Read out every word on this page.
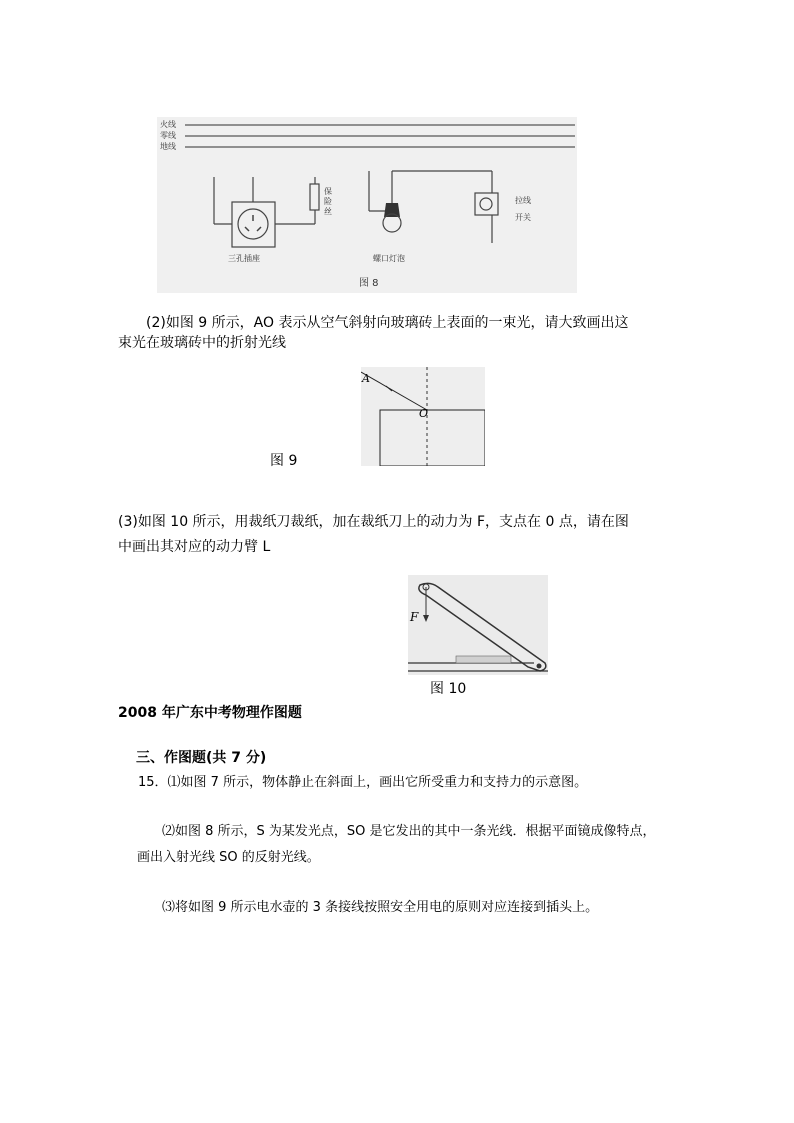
火线
零线
地线
三孔插座
保险丝
螺口灯泡
拉线
开关
图 8
(2)如图 9 所示，AO 表示从空气斜射向玻璃砖上表面的一束光，请大致画出这
束光在玻璃砖中的折射光线
A
O
图 9
(3)如图 10 所示，用裁纸刀裁纸，加在裁纸刀上的动力为 F，支点在 0 点，请在图
中画出其对应的动力臂 L
F
图 10
2008 年广东中考物理作图题
三、作图题(共 7 分)
15．⑴如图 7 所示，物体静止在斜面上，画出它所受重力和支持力的示意图。
⑵如图 8 所示，S 为某发光点，SO 是它发出的其中一条光线．根据平面镜成像特点，
画出入射光线 SO 的反射光线。
⑶将如图 9 所示电水壶的 3 条接线按照安全用电的原则对应连接到插头上。
